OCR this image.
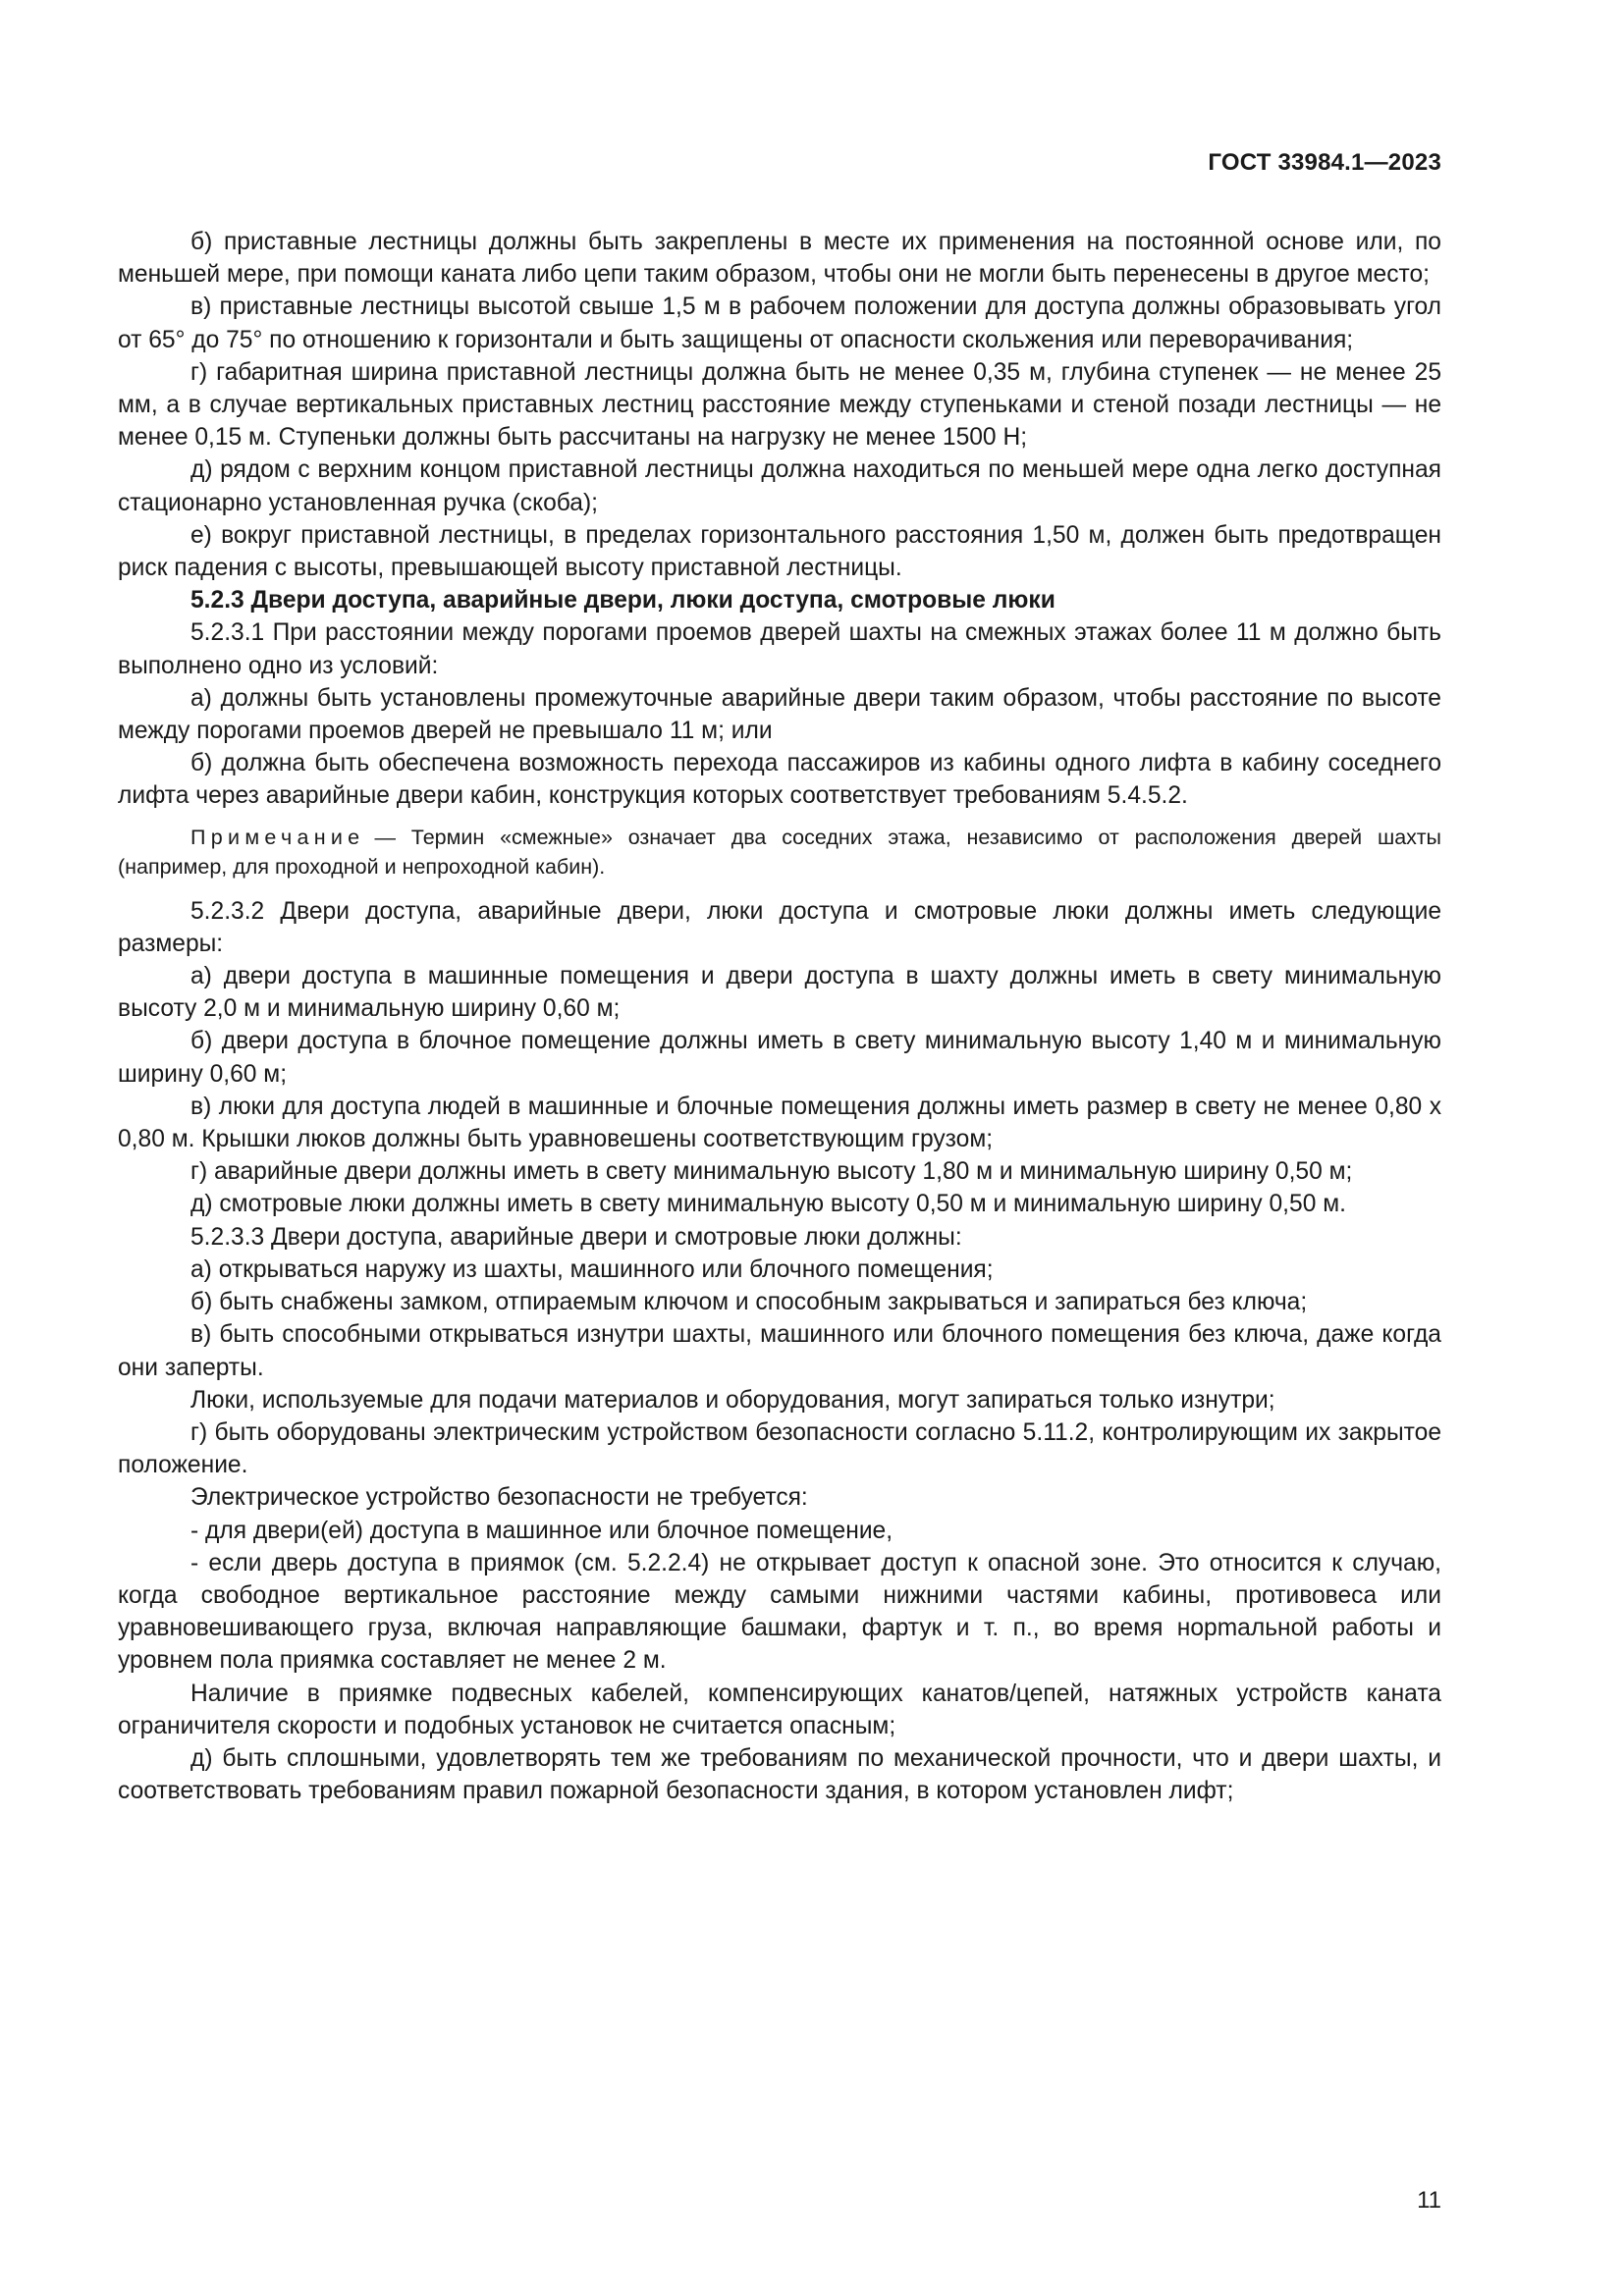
ГОСТ 33984.1—2023

б) приставные лестницы должны быть закреплены в месте их применения на постоянной основе или, по меньшей мере, при помощи каната либо цепи таким образом, чтобы они не могли быть перенесены в другое место;

в) приставные лестницы высотой свыше 1,5 м в рабочем положении для доступа должны образовывать угол от 65° до 75° по отношению к горизонтали и быть защищены от опасности скольжения или переворачивания;

г) габаритная ширина приставной лестницы должна быть не менее 0,35 м, глубина ступенек — не менее 25 мм, а в случае вертикальных приставных лестниц расстояние между ступеньками и стеной позади лестницы — не менее 0,15 м. Ступеньки должны быть рассчитаны на нагрузку не менее 1500 Н;

д) рядом с верхним концом приставной лестницы должна находиться по меньшей мере одна легко доступная стационарно установленная ручка (скоба);

е) вокруг приставной лестницы, в пределах горизонтального расстояния 1,50 м, должен быть предотвращен риск падения с высоты, превышающей высоту приставной лестницы.

5.2.3 Двери доступа, аварийные двери, люки доступа, смотровые люки

5.2.3.1 При расстоянии между порогами проемов дверей шахты на смежных этажах более 11 м должно быть выполнено одно из условий:

а) должны быть установлены промежуточные аварийные двери таким образом, чтобы расстояние по высоте между порогами проемов дверей не превышало 11 м; или

б) должна быть обеспечена возможность перехода пассажиров из кабины одного лифта в кабину соседнего лифта через аварийные двери кабин, конструкция которых соответствует требованиям 5.4.5.2.

Примечание — Термин «смежные» означает два соседних этажа, независимо от расположения дверей шахты (например, для проходной и непроходной кабин).

5.2.3.2 Двери доступа, аварийные двери, люки доступа и смотровые люки должны иметь следующие размеры:

а) двери доступа в машинные помещения и двери доступа в шахту должны иметь в свету минимальную высоту 2,0 м и минимальную ширину 0,60 м;

б) двери доступа в блочное помещение должны иметь в свету минимальную высоту 1,40 м и минимальную ширину 0,60 м;

в) люки для доступа людей в машинные и блочные помещения должны иметь размер в свету не менее 0,80 х 0,80 м. Крышки люков должны быть уравновешены соответствующим грузом;

г) аварийные двери должны иметь в свету минимальную высоту 1,80 м и минимальную ширину 0,50 м;

д) смотровые люки должны иметь в свету минимальную высоту 0,50 м и минимальную ширину 0,50 м.

5.2.3.3 Двери доступа, аварийные двери и смотровые люки должны:

а) открываться наружу из шахты, машинного или блочного помещения;

б) быть снабжены замком, отпираемым ключом и способным закрываться и запираться без ключа;

в) быть способными открываться изнутри шахты, машинного или блочного помещения без ключа, даже когда они заперты.

Люки, используемые для подачи материалов и оборудования, могут запираться только изнутри;

г) быть оборудованы электрическим устройством безопасности согласно 5.11.2, контролирующим их закрытое положение.

Электрическое устройство безопасности не требуется:

- для двери(ей) доступа в машинное или блочное помещение,

- если дверь доступа в приямок (см. 5.2.2.4) не открывает доступ к опасной зоне. Это относится к случаю, когда свободное вертикальное расстояние между самыми нижними частями кабины, противовеса или уравновешивающего груза, включая направляющие башмаки, фартук и т. п., во время норmальной работы и уровнем пола приямка составляет не менее 2 м.

Наличие в приямке подвесных кабелей, компенсирующих канатов/цепей, натяжных устройств каната ограничителя скорости и подобных установок не считается опасным;

д) быть сплошными, удовлетворять тем же требованиям по механической прочности, что и двери шахты, и соответствовать требованиям правил пожарной безопасности здания, в котором установлен лифт;

11
